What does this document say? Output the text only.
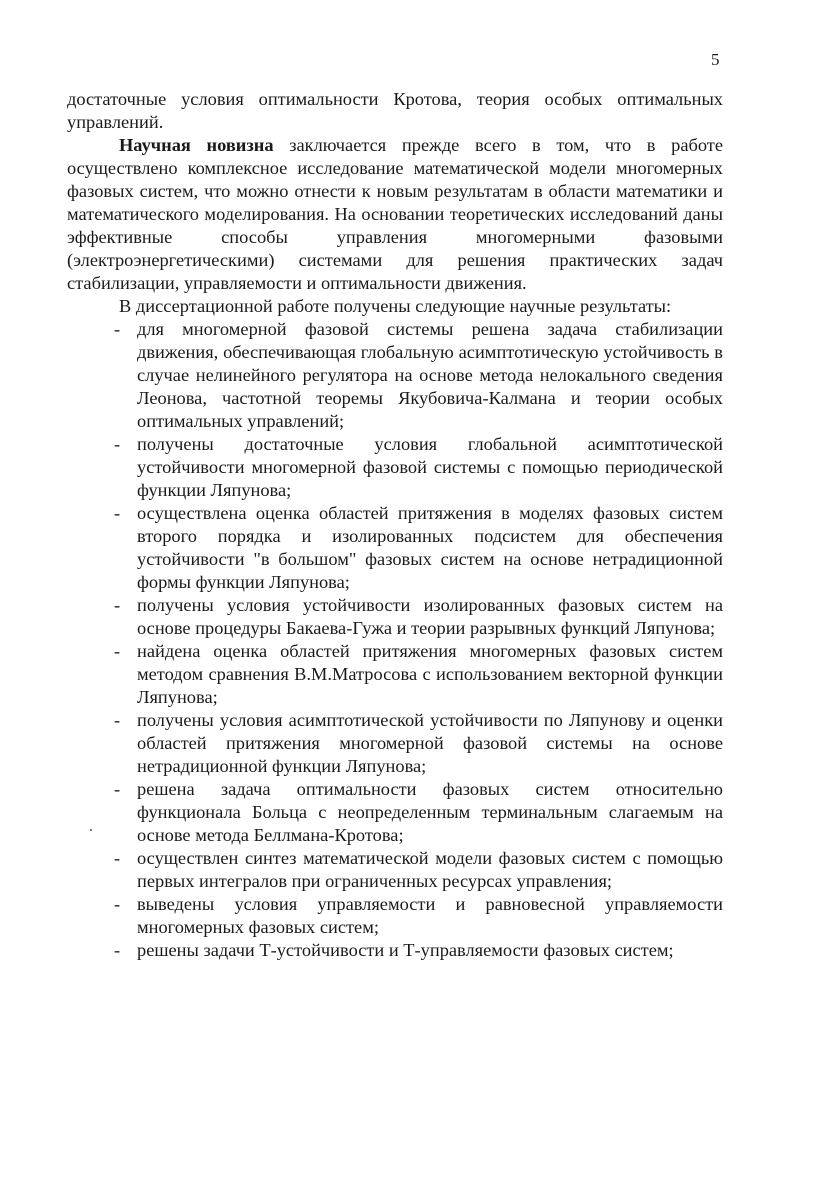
5

достаточные условия оптимальности Кротова, теория особых оптимальных управлений.

Научная новизна заключается прежде всего в том, что в работе осуществлено комплексное исследование математической модели многомерных фазовых систем, что можно отнести к новым результатам в области математики и математического моделирования. На основании теоретических исследований даны эффективные способы управления многомерными фазовыми (электроэнергетическими) системами для решения практических задач стабилизации, управляемости и оптимальности движения.

В диссертационной работе получены следующие научные результаты:

- для многомерной фазовой системы решена задача стабилизации движения, обеспечивающая глобальную асимптотическую устойчивость в случае нелинейного регулятора на основе метода нелокального сведения Леонова, частотной теоремы Якубовича-Калмана и теории особых оптимальных управлений;
- получены достаточные условия глобальной асимптотической устойчивости многомерной фазовой системы с помощью периодической функции Ляпунова;
- осуществлена оценка областей притяжения в моделях фазовых систем второго порядка и изолированных подсистем для обеспечения устойчивости "в большом" фазовых систем на основе нетрадиционной формы функции Ляпунова;
- получены условия устойчивости изолированных фазовых систем на основе процедуры Бакаева-Гужа и теории разрывных функций Ляпунова;
- найдена оценка областей притяжения многомерных фазовых систем методом сравнения В.М.Матросова с использованием векторной функции Ляпунова;
- получены условия асимптотической устойчивости по Ляпунову и оценки областей притяжения многомерной фазовой системы на основе нетрадиционной функции Ляпунова;
- решена задача оптимальности фазовых систем относительно функционала Больца с неопределенным терминальным слагаемым на основе метода Беллмана-Кротова;
- осуществлен синтез математической модели фазовых систем с помощью первых интегралов при ограниченных ресурсах управления;
- выведены условия управляемости и равновесной управляемости многомерных фазовых систем;
- решены задачи Т-устойчивости и Т-управляемости фазовых систем;
